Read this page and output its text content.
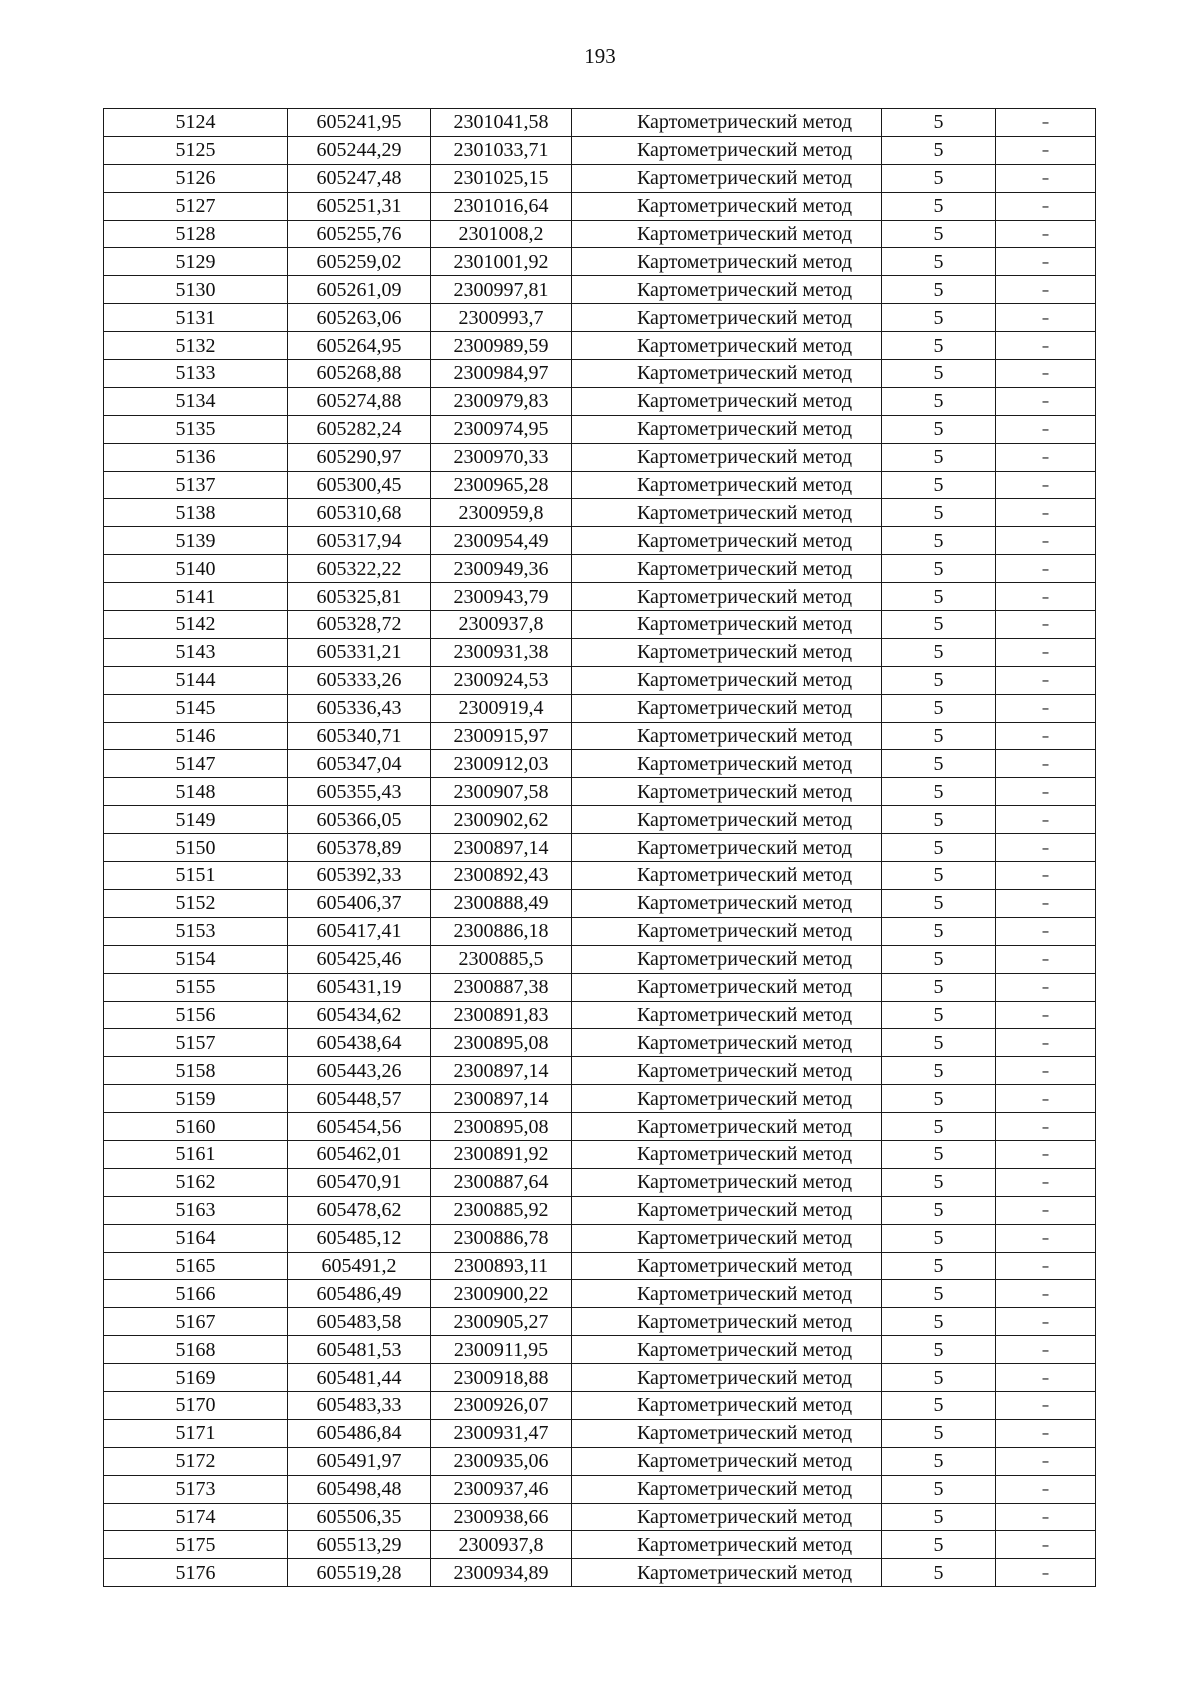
193
5124	605241,95	2301041,58	Картометрический метод	5	–
5125	605244,29	2301033,71	Картометрический метод	5	–
5126	605247,48	2301025,15	Картометрический метод	5	–
5127	605251,31	2301016,64	Картометрический метод	5	–
5128	605255,76	2301008,2	Картометрический метод	5	–
5129	605259,02	2301001,92	Картометрический метод	5	–
5130	605261,09	2300997,81	Картометрический метод	5	–
5131	605263,06	2300993,7	Картометрический метод	5	–
5132	605264,95	2300989,59	Картометрический метод	5	–
5133	605268,88	2300984,97	Картометрический метод	5	–
5134	605274,88	2300979,83	Картометрический метод	5	–
5135	605282,24	2300974,95	Картометрический метод	5	–
5136	605290,97	2300970,33	Картометрический метод	5	–
5137	605300,45	2300965,28	Картометрический метод	5	–
5138	605310,68	2300959,8	Картометрический метод	5	–
5139	605317,94	2300954,49	Картометрический метод	5	–
5140	605322,22	2300949,36	Картометрический метод	5	–
5141	605325,81	2300943,79	Картометрический метод	5	–
5142	605328,72	2300937,8	Картометрический метод	5	–
5143	605331,21	2300931,38	Картометрический метод	5	–
5144	605333,26	2300924,53	Картометрический метод	5	–
5145	605336,43	2300919,4	Картометрический метод	5	–
5146	605340,71	2300915,97	Картометрический метод	5	–
5147	605347,04	2300912,03	Картометрический метод	5	–
5148	605355,43	2300907,58	Картометрический метод	5	–
5149	605366,05	2300902,62	Картометрический метод	5	–
5150	605378,89	2300897,14	Картометрический метод	5	–
5151	605392,33	2300892,43	Картометрический метод	5	–
5152	605406,37	2300888,49	Картометрический метод	5	–
5153	605417,41	2300886,18	Картометрический метод	5	–
5154	605425,46	2300885,5	Картометрический метод	5	–
5155	605431,19	2300887,38	Картометрический метод	5	–
5156	605434,62	2300891,83	Картометрический метод	5	–
5157	605438,64	2300895,08	Картометрический метод	5	–
5158	605443,26	2300897,14	Картометрический метод	5	–
5159	605448,57	2300897,14	Картометрический метод	5	–
5160	605454,56	2300895,08	Картометрический метод	5	–
5161	605462,01	2300891,92	Картометрический метод	5	–
5162	605470,91	2300887,64	Картометрический метод	5	–
5163	605478,62	2300885,92	Картометрический метод	5	–
5164	605485,12	2300886,78	Картометрический метод	5	–
5165	605491,2	2300893,11	Картометрический метод	5	–
5166	605486,49	2300900,22	Картометрический метод	5	–
5167	605483,58	2300905,27	Картометрический метод	5	–
5168	605481,53	2300911,95	Картометрический метод	5	–
5169	605481,44	2300918,88	Картометрический метод	5	–
5170	605483,33	2300926,07	Картометрический метод	5	–
5171	605486,84	2300931,47	Картометрический метод	5	–
5172	605491,97	2300935,06	Картометрический метод	5	–
5173	605498,48	2300937,46	Картометрический метод	5	–
5174	605506,35	2300938,66	Картометрический метод	5	–
5175	605513,29	2300937,8	Картометрический метод	5	–
5176	605519,28	2300934,89	Картометрический метод	5	–
